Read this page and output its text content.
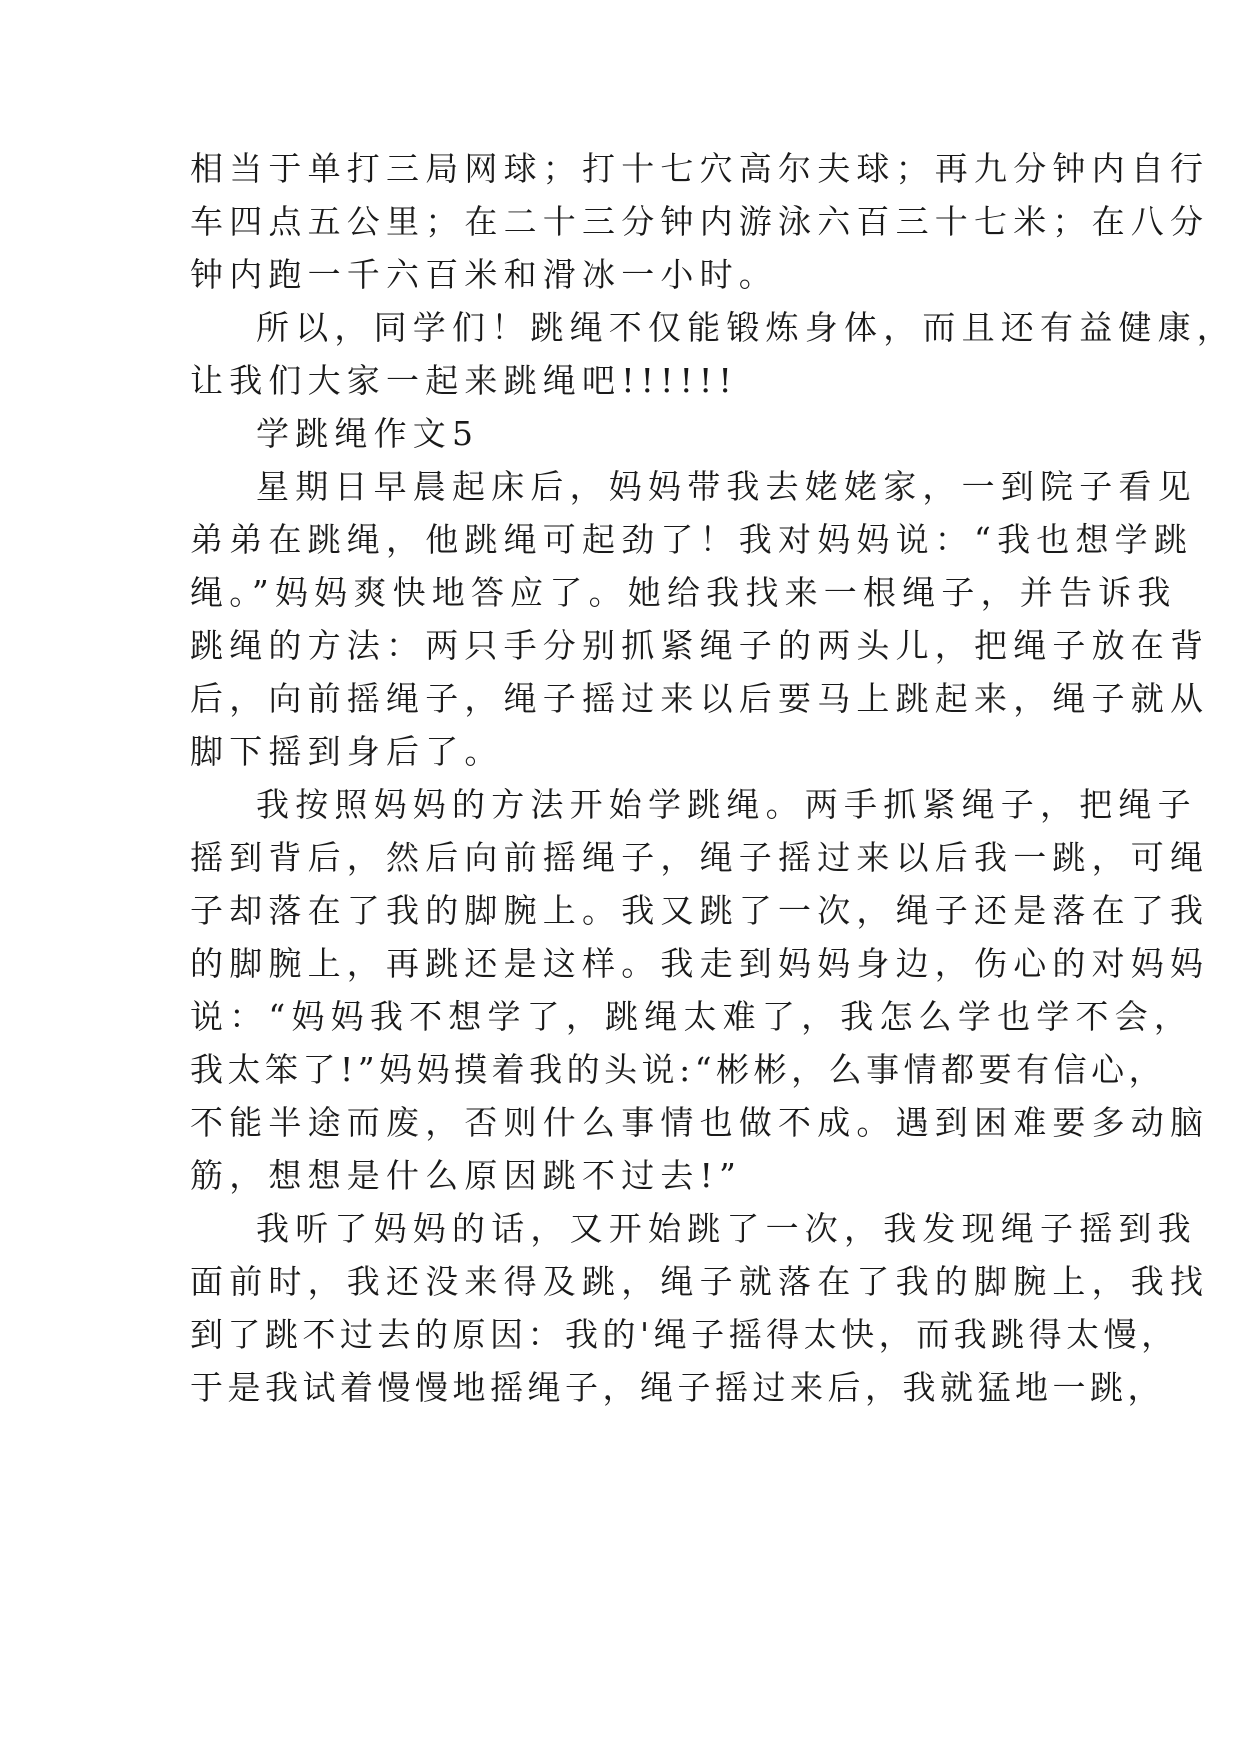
相当于单打三局网球；打十七穴高尔夫球；再九分钟内自行
车四点五公里；在二十三分钟内游泳六百三十七米；在八分
钟内跑一千六百米和滑冰一小时。
所以，同学们！跳绳不仅能锻炼身体，而且还有益健康，
让我们大家一起来跳绳吧!!!!!!
学跳绳作文5
星期日早晨起床后，妈妈带我去姥姥家，一到院子看见
弟弟在跳绳，他跳绳可起劲了！我对妈妈说：“我也想学跳
绳。”妈妈爽快地答应了。她给我找来一根绳子，并告诉我
跳绳的方法：两只手分别抓紧绳子的两头儿，把绳子放在背
后，向前摇绳子，绳子摇过来以后要马上跳起来，绳子就从
脚下摇到身后了。
我按照妈妈的方法开始学跳绳。两手抓紧绳子，把绳子
摇到背后，然后向前摇绳子，绳子摇过来以后我一跳，可绳
子却落在了我的脚腕上。我又跳了一次，绳子还是落在了我
的脚腕上，再跳还是这样。我走到妈妈身边，伤心的对妈妈
说：“妈妈我不想学了，跳绳太难了，我怎么学也学不会，
我太笨了!”妈妈摸着我的头说:“彬彬，么事情都要有信心，
不能半途而废，否则什么事情也做不成。遇到困难要多动脑
筋，想想是什么原因跳不过去!”
我听了妈妈的话，又开始跳了一次，我发现绳子摇到我
面前时，我还没来得及跳，绳子就落在了我的脚腕上，我找
到了跳不过去的原因：我的'绳子摇得太快，而我跳得太慢，
于是我试着慢慢地摇绳子，绳子摇过来后，我就猛地一跳，
